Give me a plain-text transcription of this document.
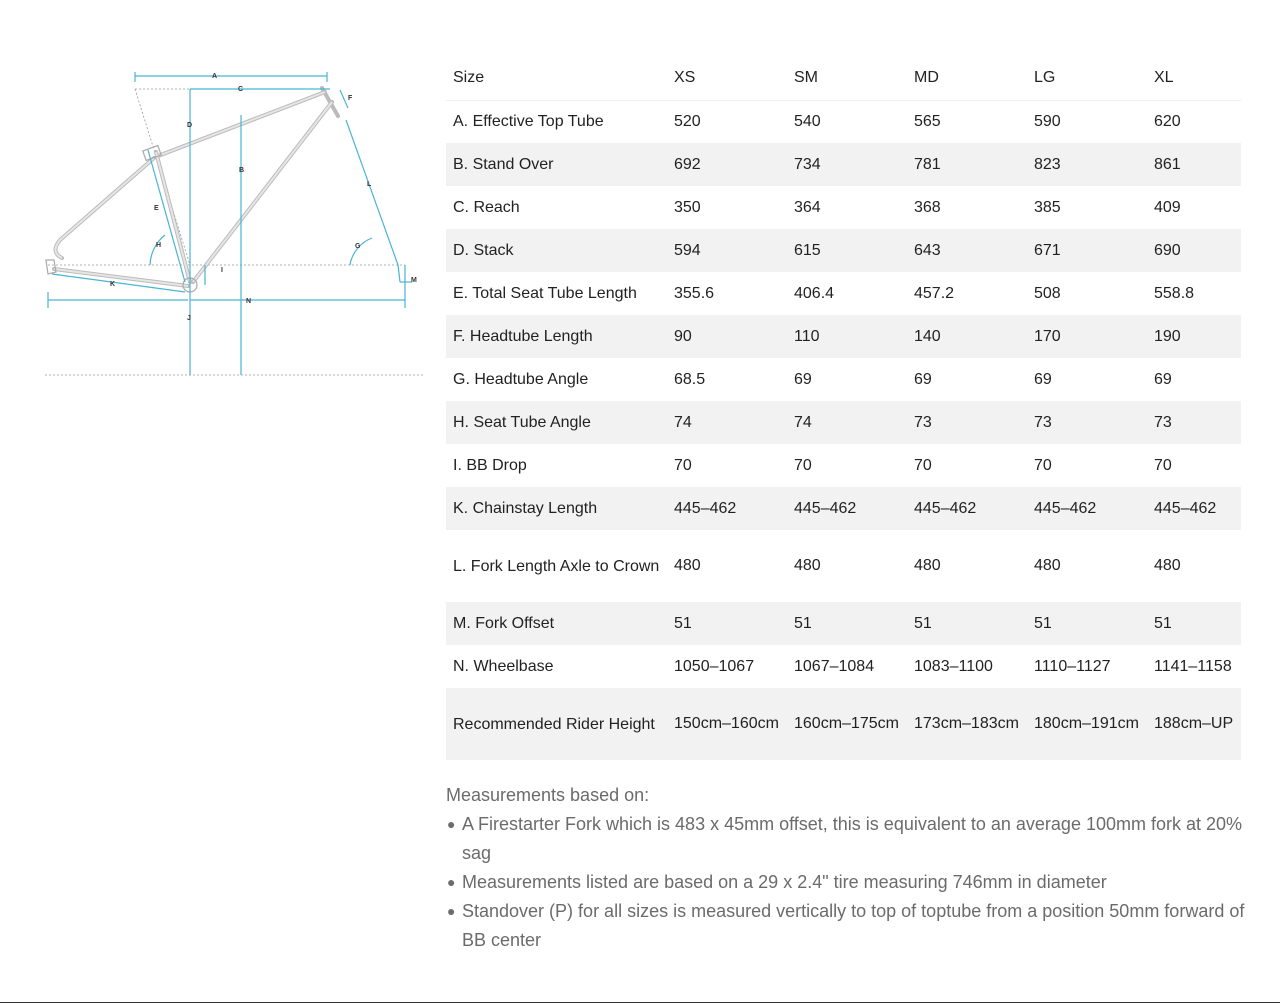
A
B
C
D
E
F
G
H
I
J
K
L
M
N
Size	XS	SM	MD	LG	XL
A. Effective Top Tube	520	540	565	590	620
B. Stand Over	692	734	781	823	861
C. Reach	350	364	368	385	409
D. Stack	594	615	643	671	690
E. Total Seat Tube Length	355.6	406.4	457.2	508	558.8
F. Headtube Length	90	110	140	170	190
G. Headtube Angle	68.5	69	69	69	69
H. Seat Tube Angle	74	74	73	73	73
I. BB Drop	70	70	70	70	70
K. Chainstay Length	445–462	445–462	445–462	445–462	445–462
L. Fork Length Axle to Crown	480	480	480	480	480
M. Fork Offset	51	51	51	51	51
N. Wheelbase	1050–1067	1067–1084	1083–1100	1110–1127	1141–1158
Recommended Rider Height	150cm–160cm	160cm–175cm	173cm–183cm	180cm–191cm	188cm–UP

Measurements based on:

● A Firestarter Fork which is 483 x 45mm offset, this is equivalent to an average 100mm fork at 20% sag
● Measurements listed are based on a 29 x 2.4" tire measuring 746mm in diameter
● Standover (P) for all sizes is measured vertically to top of toptube from a position 50mm forward of BB center
